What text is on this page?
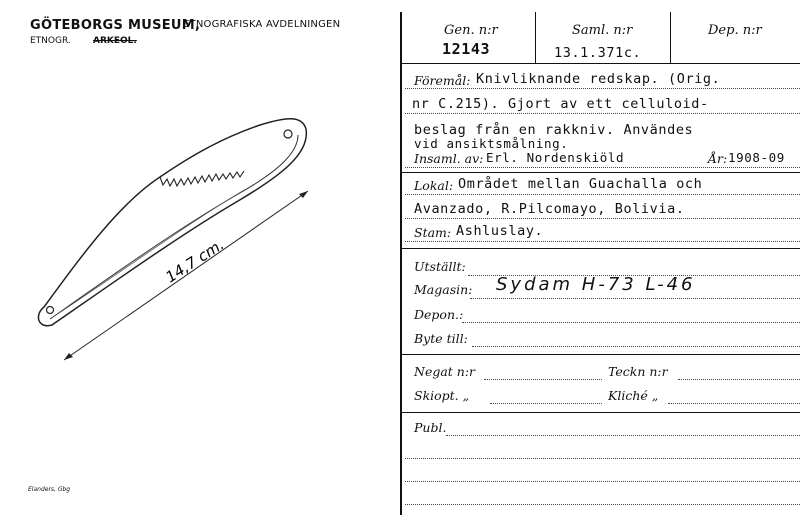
GÖTEBORGS MUSEUM,
ETNOGRAFISKA AVDELNINGEN
ETNOGR. ARKEOL.
14,7 cm.
Elanders, Gbg
Gen. n:r
12143
Saml. n:r
13.1.371c.
Dep. n:r
Föremål: Knivliknande redskap. (Orig.
nr C.215). Gjort av ett celluloid-
beslag från en rakkniv. Användes
vid ansiktsmålning.
Insaml. av: Erl. Nordenskiöld	År: 1908-09
Lokal: Området mellan Guachalla och
Avanzado, R.Pilcomayo, Bolivia.
Stam: Ashluslay.
Utställt:
Magasin: Sydam H-73 L-46
Depon.:
Byte till:
Negat n:r	Teckn n:r
Skiopt. „	Kliché „
Publ.
